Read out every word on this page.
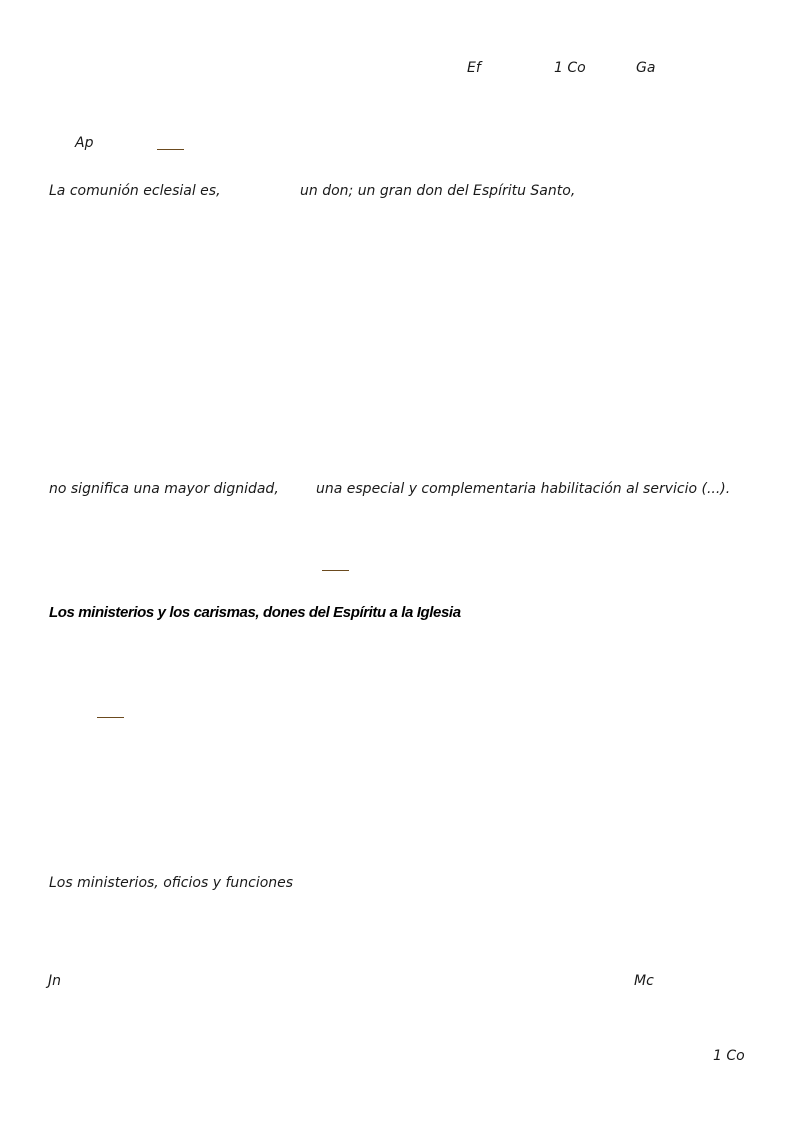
Ef	1 Co	Ga
Ap
La comunión eclesial es,	un don; un gran don del Espíritu Santo,
no significa una mayor dignidad,	una especial y complementaria habilitación al servicio (...).
Los ministerios y los carismas, dones del Espíritu a la Iglesia
Los ministerios, oficios y funciones
Jn	Mc
1 Co
